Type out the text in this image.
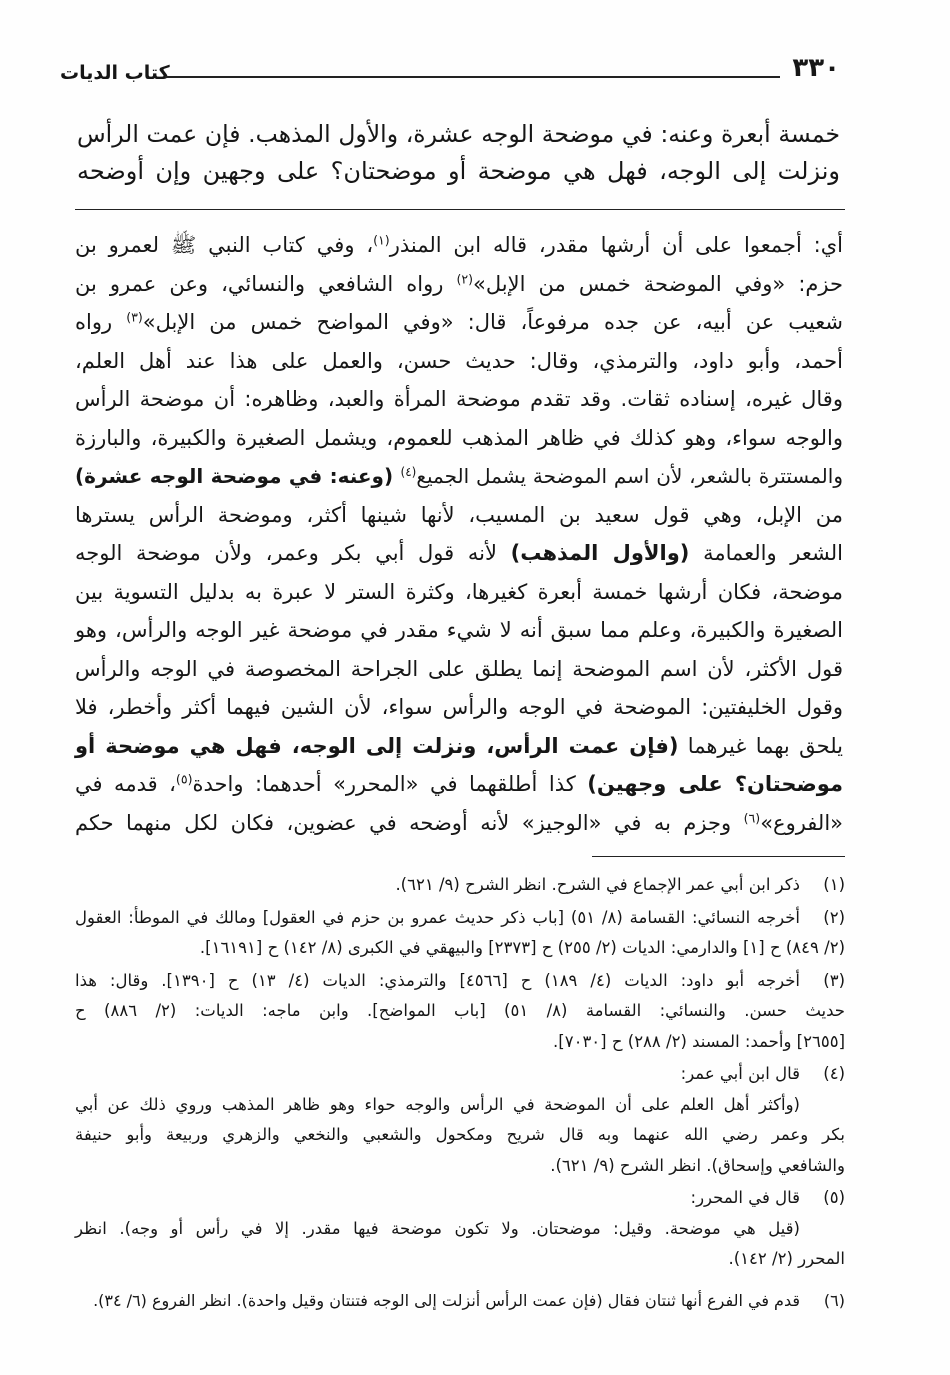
٣٣٠
كتاب الديات
خمسة أبعرة وعنه: في موضحة الوجه عشرة، والأول المذهب. فإن عمت الرأس
ونزلت إلى الوجه، فهل هي موضحة أو موضحتان؟ على وجهين وإن أوضحه
أي: أجمعوا على أن أرشها مقدر، قاله ابن المنذر$^{(١)}$، وفي كتاب النبي ﷺ لعمرو بن
حزم: «وفي الموضحة خمس من الإبل»$^{(٢)}$ رواه الشافعي والنسائي، وعن عمرو بن
شعيب عن أبيه، عن جده مرفوعاً، قال: «وفي المواضح خمس من الإبل»$^{(٣)}$ رواه
أحمد، وأبو داود، والترمذي، وقال: حديث حسن، والعمل على هذا عند أهل العلم،
وقال غيره، إسناده ثقات. وقد تقدم موضحة المرأة والعبد، وظاهره: أن موضحة الرأس
والوجه سواء، وهو كذلك في ظاهر المذهب للعموم، ويشمل الصغيرة والكبيرة، والبارزة
والمستترة بالشعر، لأن اسم الموضحة يشمل الجميع$^{(٤)}$ (وعنه: في موضحة الوجه عشرة)
من الإبل، وهي قول سعيد بن المسيب، لأنها شينها أكثر، وموضحة الرأس يسترها
الشعر والعمامة (والأول المذهب) لأنه قول أبي بكر وعمر، ولأن موضحة الوجه
موضحة، فكان أرشها خمسة أبعرة كغيرها، وكثرة الستر لا عبرة به بدليل التسوية بين
الصغيرة والكبيرة، وعلم مما سبق أنه لا شيء مقدر في موضحة غير الوجه والرأس، وهو
قول الأكثر، لأن اسم الموضحة إنما يطلق على الجراحة المخصوصة في الوجه والرأس
وقول الخليفتين: الموضحة في الوجه والرأس سواء، لأن الشين فيهما أكثر وأخطر، فلا
يلحق بهما غيرهما (فإن عمت الرأس، ونزلت إلى الوجه، فهل هي موضحة أو
موضحتان؟ على وجهين) كذا أطلقهما في «المحرر» أحدهما: واحدة$^{(٥)}$، قدمه في
«الفروع»$^{(٦)}$ وجزم به في «الوجيز» لأنه أوضحه في عضوين، فكان لكل منهما حكم
(١)
ذكر ابن أبي عمر الإجماع في الشرح. انظر الشرح (٩/ ٦٢١).
(٢)
أخرجه النسائي: القسامة (٨/ ٥١) [باب ذكر حديث عمرو بن حزم في العقول] ومالك في الموطأ: العقول
(٢/ ٨٤٩) ح [١] والدارمي: الديات (٢/ ٢٥٥) ح [٢٣٧٣] والبيهقي في الكبرى (٨/ ١٤٢) ح [١٦١٩١].
(٣)
أخرجه أبو داود: الديات (٤/ ١٨٩) ح [٤٥٦٦] والترمذي: الديات (٤/ ١٣) ح [١٣٩٠]. وقال: هذا
حديث حسن. والنسائي: القسامة (٨/ ٥١) [باب المواضح]. وابن ماجه: الديات: (٢/ ٨٨٦) ح
[٢٦٥٥] وأحمد: المسند (٢/ ٢٨٨) ح [٧٠٣٠].
(٤)
قال ابن أبي عمر:
(وأكثر أهل العلم على أن الموضحة في الرأس والوجه حواء وهو ظاهر المذهب وروي ذلك عن أبي
بكر وعمر رضي الله عنهما وبه قال شريح ومكحول والشعبي والنخعي والزهري وربيعة وأبو حنيفة
والشافعي وإسحاق). انظر الشرح (٩/ ٦٢١).
(٥)
قال في المحرر:
(قيل هي موضحة. وقيل: موضحتان. ولا تكون موضحة فيها مقدر. إلا في رأس أو وجه). انظر
المحرر (٢/ ١٤٢).
(٦)
قدم في الفرع أنها ثنتان فقال (فإن عمت الرأس أنزلت إلى الوجه فتنتان وقيل واحدة). انظر الفروع (٦/ ٣٤).
